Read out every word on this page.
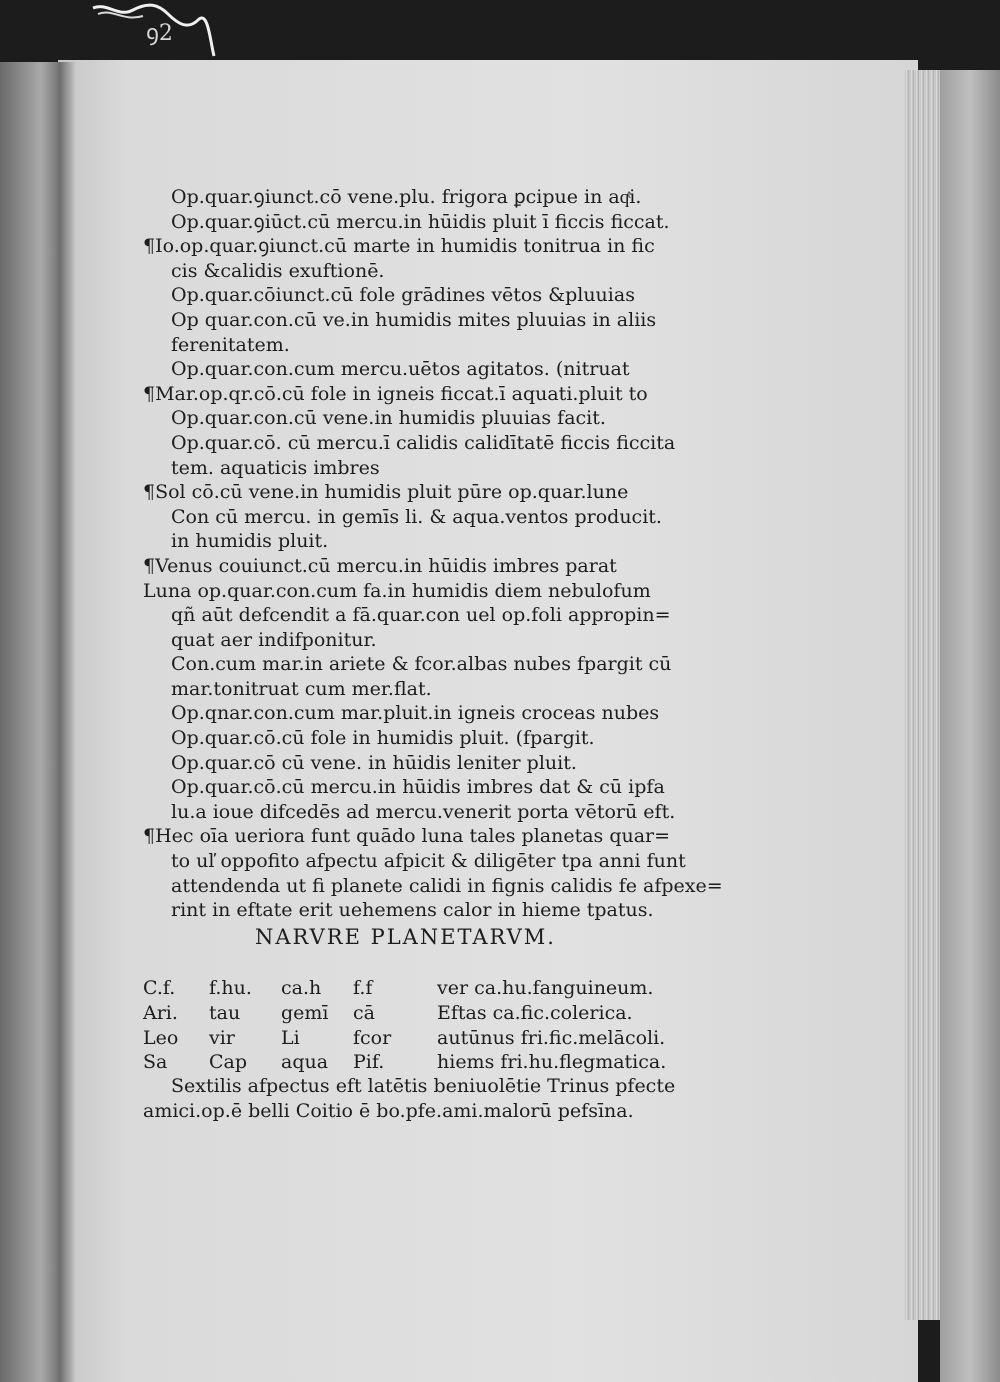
ꝯ2
Op.quar.ꝯiunct.cō vene.plu. frigora ꝑcipue in aqͭi.
Op.quar.ꝯiūct.cū mercu.in hūidis pluit ī ficcis ficcat.
¶Io.op.quar.ꝯiunct.cū marte in humidis tonitrua in fic
cis &calidis exuftionē.
Op.quar.cōiunct.cū fole grādines vētos &pluuias
Op quar.con.cū ve.in humidis mites pluuias in aliis
ferenitatem.
Op.quar.con.cum mercu.uētos agitatos. (nitruat
¶Mar.op.qr.cō.cū fole in igneis ficcat.ī aquati.pluit to
Op.quar.con.cū vene.in humidis pluuias facit.
Op.quar.cō. cū mercu.ī calidis calidītatē ficcis ficcita
tem. aquaticis imbres
¶Sol cō.cū vene.in humidis pluit pūre op.quar.lune
Con cū mercu. in gemīs li. & aqua.ventos producit.
in humidis pluit.
¶Venus couiunct.cū mercu.in hūidis imbres parat
Luna op.quar.con.cum fa.in humidis diem nebulofum
qñ aūt defcendit a fā.quar.con uel op.foli appropin=
quat aer indifponitur.
Con.cum mar.in ariete & fcor.albas nubes fpargit cū
mar.tonitruat cum mer.flat.
Op.qnar.con.cum mar.pluit.in igneis croceas nubes
Op.quar.cō.cū fole in humidis pluit. (fpargit.
Op.quar.cō cū vene. in hūidis leniter pluit.
Op.quar.cō.cū mercu.in hūidis imbres dat & cū ipfa
lu.a ioue difcedēs ad mercu.venerit porta vētorū eft.
¶Hec oīa ueriora funt quādo luna tales planetas quar=
to uľ oppofito afpectu afpicit & diligēter tpa anni funt
attendenda ut fi planete calidi in fignis calidis fe afpexe=
rint in eftate erit uehemens calor in hieme tpatus.
NARVRE PLANETARVM.
C.f.	f.hu.	ca.h	f.f	ver ca.hu.fanguineum.
Ari.	tau	gemī	cā	Eftas ca.fic.colerica.
Leo	vir	Li	fcor	autūnus fri.fic.melācoli.
Sa	Cap	aqua	Pif.	hiems fri.hu.flegmatica.
Sextilis afpectus eft latētis beniuolētie Trinus pfecte
amici.op.ē belli Coitio ē bo.pfe.ami.malorū pefsīna.
